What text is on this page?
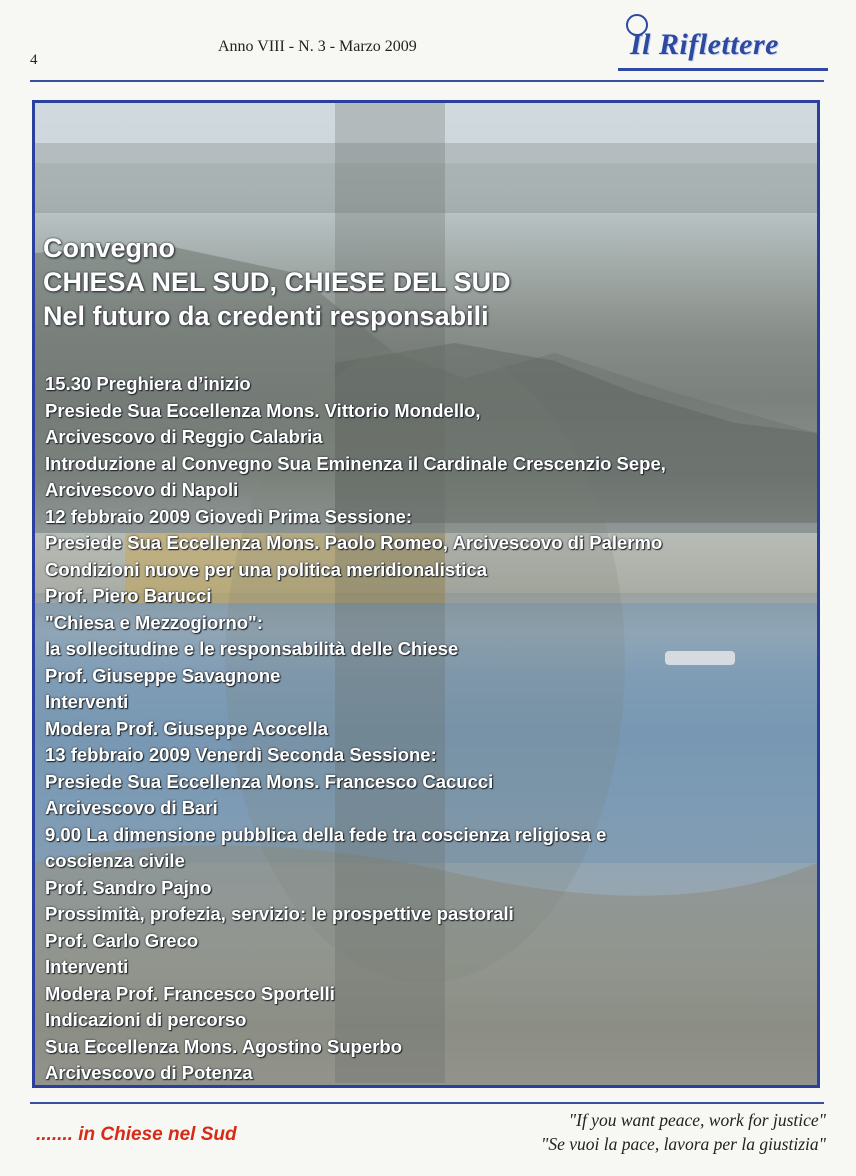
4
Anno VIII - N. 3 - Marzo 2009	Il Riflettere
Convegno
CHIESA NEL SUD, CHIESE DEL SUD
Nel futuro da credenti responsabili
15.30 Preghiera d’inizio
Presiede Sua Eccellenza Mons. Vittorio Mondello,
Arcivescovo di Reggio Calabria
Introduzione al Convegno Sua Eminenza il Cardinale Crescenzio Sepe,
Arcivescovo di Napoli
12 febbraio 2009 Giovedì Prima Sessione:
Presiede Sua Eccellenza Mons. Paolo Romeo, Arcivescovo di Palermo
Condizioni nuove per una politica meridionalistica
Prof. Piero Barucci
"Chiesa e Mezzogiorno":
la sollecitudine e le responsabilità delle Chiese
Prof. Giuseppe Savagnone
Interventi
Modera Prof. Giuseppe Acocella
13 febbraio 2009 Venerdì Seconda Sessione:
Presiede Sua Eccellenza Mons. Francesco Cacucci
Arcivescovo di Bari
9.00 La dimensione pubblica della fede tra coscienza religiosa e
coscienza civile
Prof. Sandro Pajno
Prossimità, profezia, servizio: le prospettive pastorali
Prof. Carlo Greco
Interventi
Modera Prof. Francesco Sportelli
Indicazioni di percorso
Sua Eccellenza Mons. Agostino Superbo
Arcivescovo di Potenza
....... in Chiese nel Sud
"If you want peace, work for justice"
"Se vuoi la pace, lavora per la giustizia"
